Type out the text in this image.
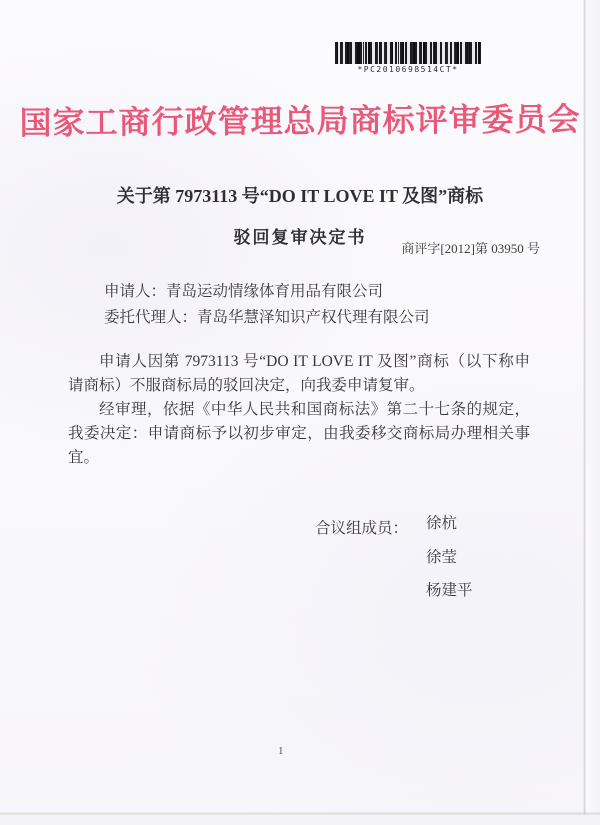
*PC2010698514CT*
国家工商行政管理总局商标评审委员会
关于第 7973113 号“DO IT LOVE IT 及图”商标
驳回复审决定书
商评字[2012]第 03950 号
申请人：青岛运动情缘体育用品有限公司
委托代理人：青岛华慧泽知识产权代理有限公司

申请人因第 7973113 号“DO IT LOVE IT 及图”商标（以下称申请商标）不服商标局的驳回决定，向我委申请复审。

经审理，依据《中华人民共和国商标法》第二十七条的规定，我委决定：申请商标予以初步审定，由我委移交商标局办理相关事宜。

合议组成员： 徐杭
徐莹
杨建平
1
